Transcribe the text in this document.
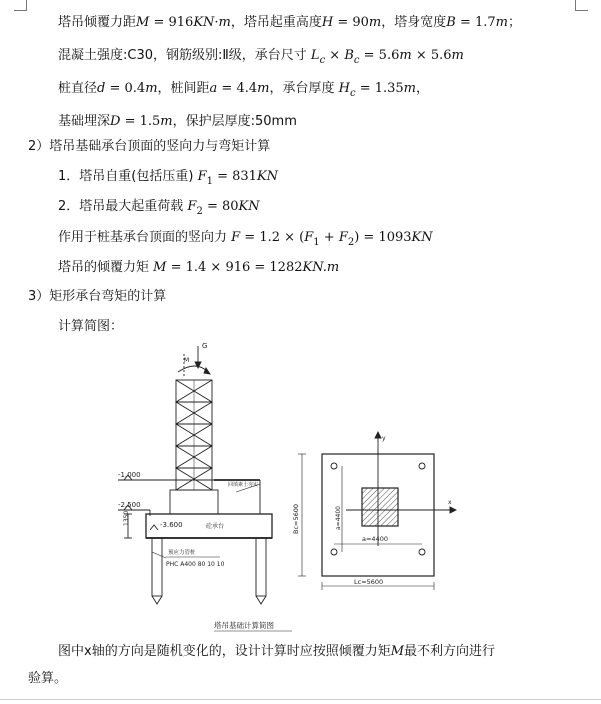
塔吊倾覆力距M = 916KN·m，塔吊起重高度H = 90m，塔身宽度B = 1.7m；
混凝土强度:C30，钢筋级别:Ⅱ级，承台尺寸 $L_c \times B_c = 5.6m \times 5.6m$
桩直径d = 0.4m，桩间距a = 4.4m，承台厚度 $H_c = 1.35m$，
基础埋深D = 1.5m，保护层厚度:50mm
2）塔吊基础承台顶面的竖向力与弯矩计算
1．塔吊自重(包括压重) $F_1 = 831KN$
2．塔吊最大起重荷载 $F_2 = 80KN$
作用于桩基承台顶面的竖向力 $F = 1.2 \times (F_1 + F_2) = 1093KN$
塔吊的倾覆力矩 M = 1.4 × 916 = 1282KN.m
3）矩形承台弯矩的计算
计算简图：
G
M
-1.000
-2.500
-3.600	砼承台
1350
回填素土夯实
预应力管桩
PHC A400 80 10 10
y
x
Bc=5600	a=4400
a=4400
Lc=5600
塔吊基础计算简图
图中x轴的方向是随机变化的，设计计算时应按照倾覆力矩M最不利方向进行
验算。
